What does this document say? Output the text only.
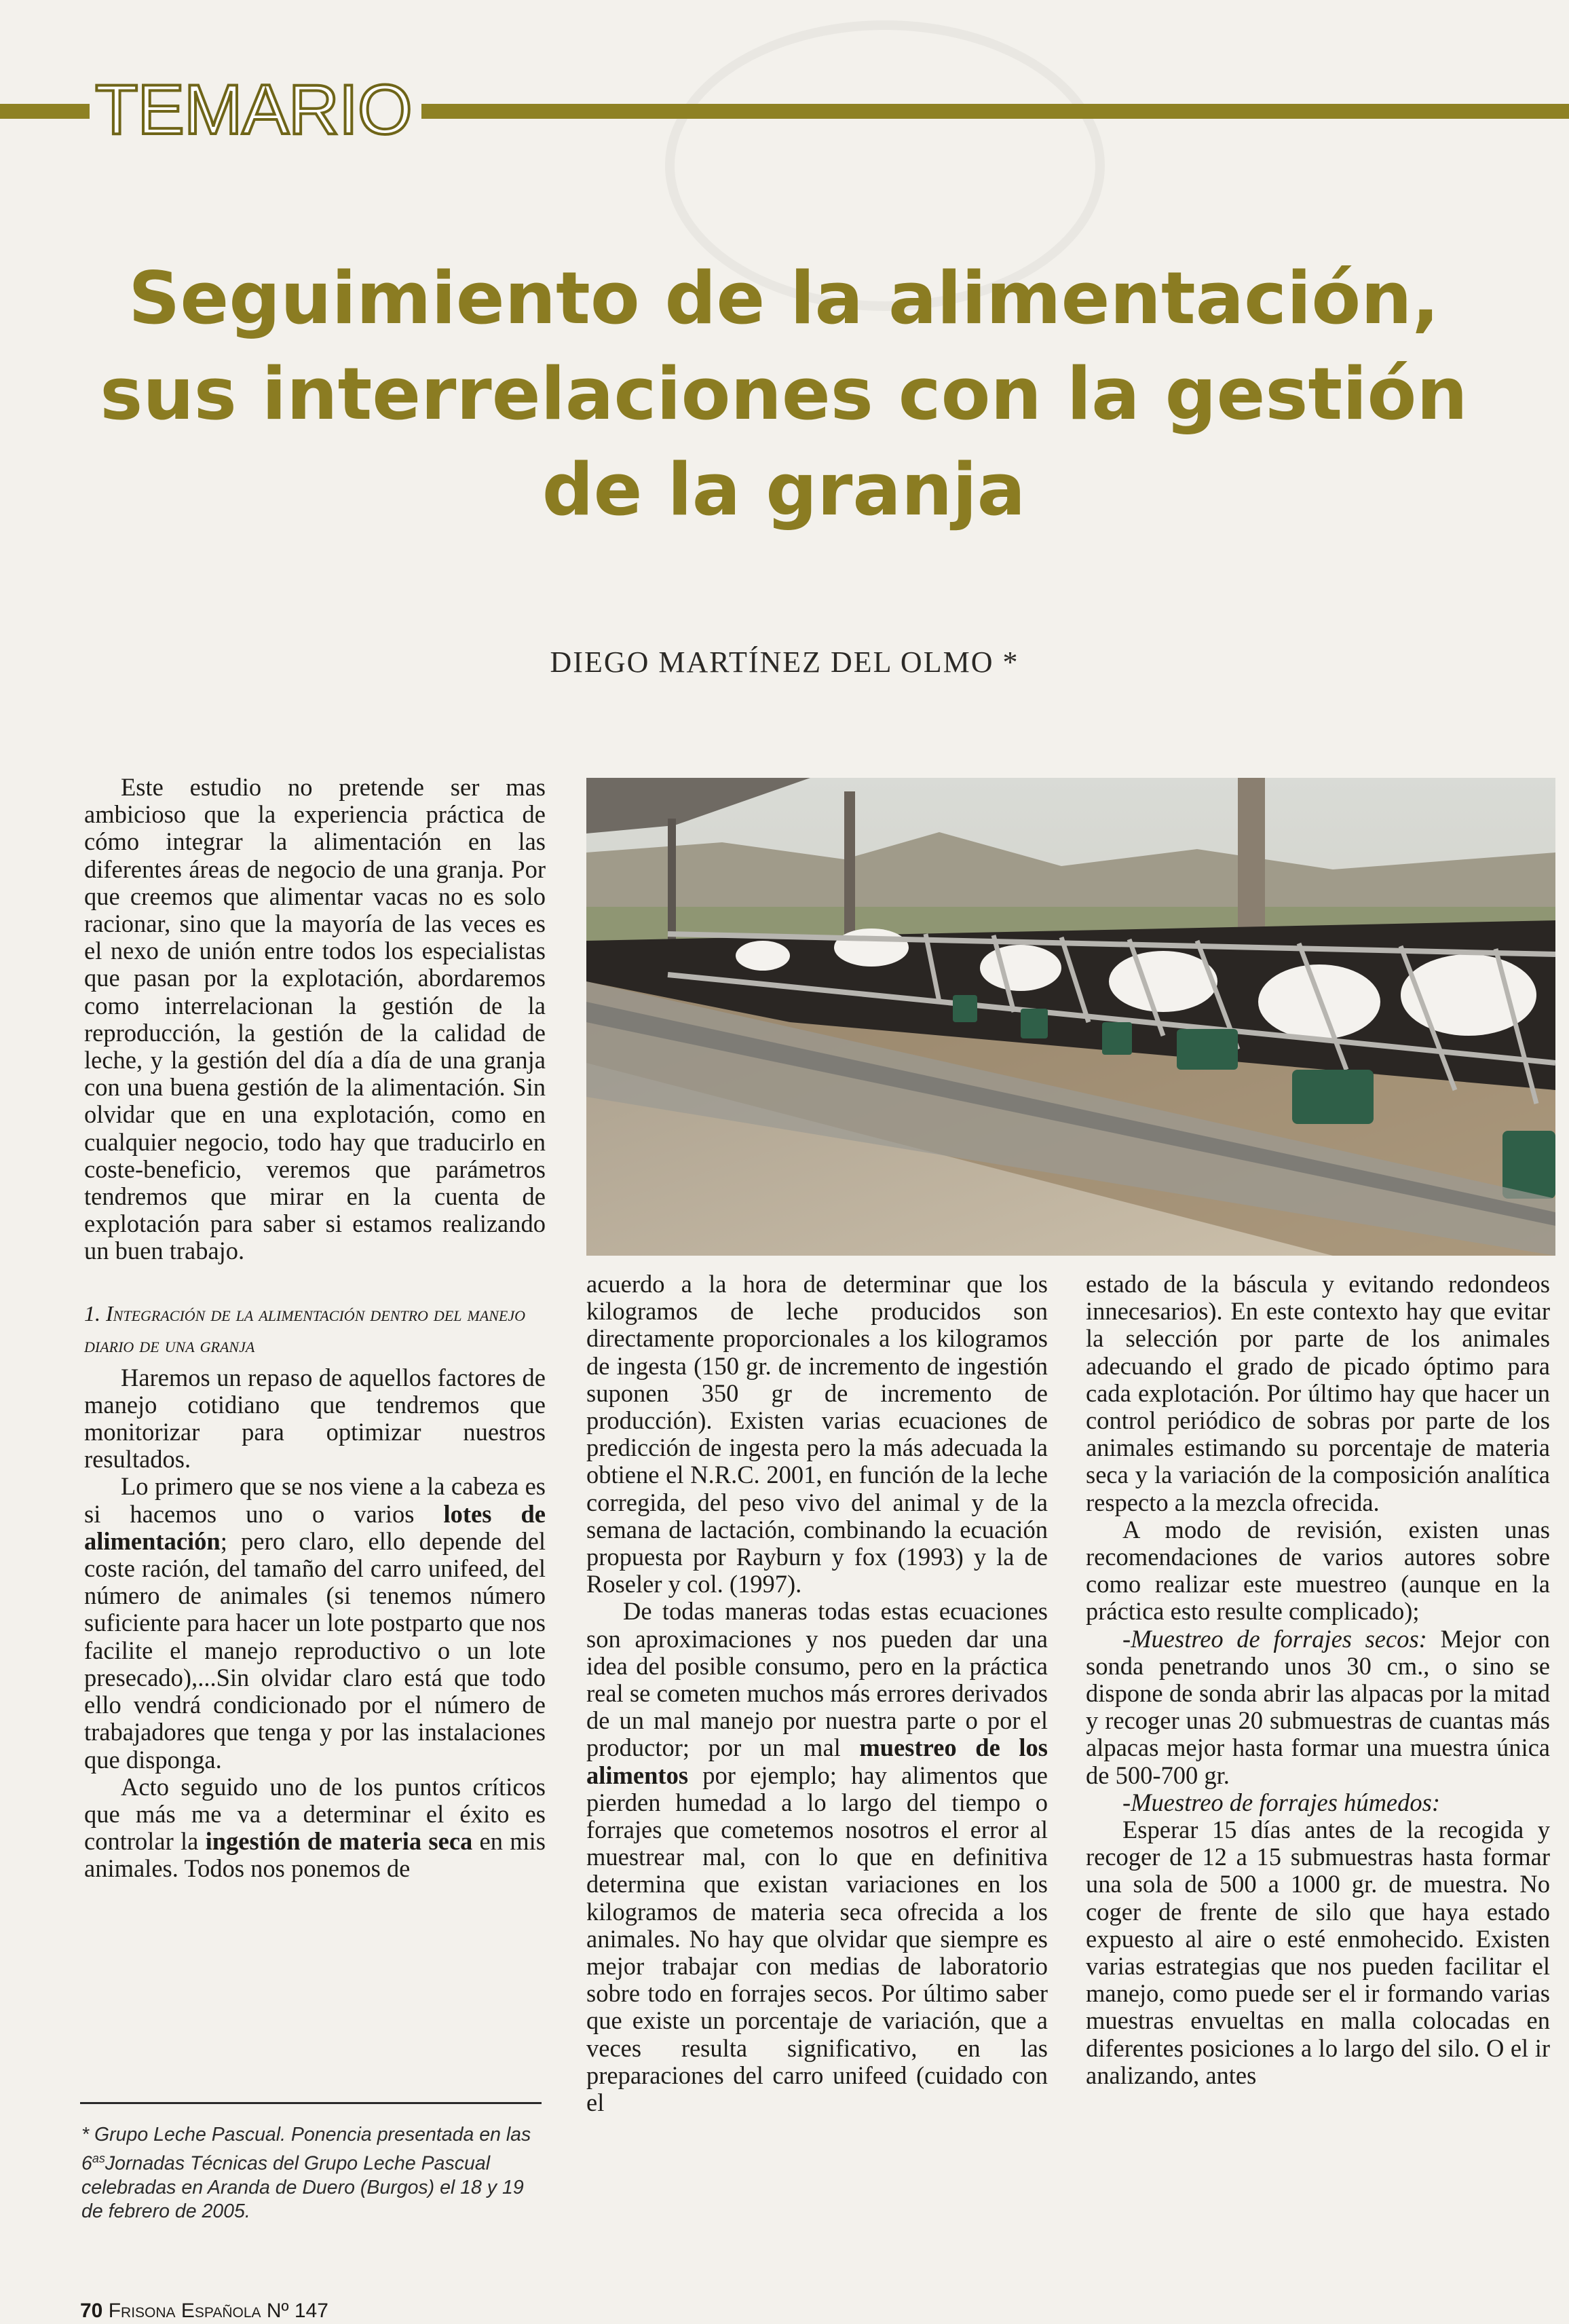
TEMARIO
Seguimiento de la alimentación,
sus interrelaciones con la gestión
de la granja
DIEGO MARTÍNEZ DEL OLMO *

Este estudio no pretende ser mas ambicioso que la experiencia práctica de cómo integrar la alimentación en las diferentes áreas de negocio de una granja. Por que creemos que alimentar vacas no es solo racionar, sino que la mayoría de las veces es el nexo de unión entre todos los especialistas que pasan por la explotación, abordaremos como interrelacionan la gestión de la reproducción, la gestión de la calidad de leche, y la gestión del día a día de una granja con una buena gestión de la alimentación. Sin olvidar que en una explotación, como en cualquier negocio, todo hay que traducirlo en coste-beneficio, veremos que parámetros tendremos que mirar en la cuenta de explotación para saber si estamos realizando un buen trabajo.

1. Integración de la alimentación dentro del manejo diario de una granja

Haremos un repaso de aquellos factores de manejo cotidiano que tendremos que monitorizar para optimizar nuestros resultados.

Lo primero que se nos viene a la cabeza es si hacemos uno o varios lotes de alimentación; pero claro, ello depende del coste ración, del tamaño del carro unifeed, del número de animales (si tenemos número suficiente para hacer un lote postparto que nos facilite el manejo reproductivo o un lote presecado),...Sin olvidar claro está que todo ello vendrá condicionado por el número de trabajadores que tenga y por las instalaciones que disponga.

Acto seguido uno de los puntos críticos que más me va a determinar el éxito es controlar la ingestión de materia seca en mis animales. Todos nos ponemos de

acuerdo a la hora de determinar que los kilogramos de leche producidos son directamente proporcionales a los kilogramos de ingesta (150 gr. de incremento de ingestión suponen 350 gr de incremento de producción). Existen varias ecuaciones de predicción de ingesta pero la más adecuada la obtiene el N.R.C. 2001, en función de la leche corregida, del peso vivo del animal y de la semana de lactación, combinando la ecuación propuesta por Rayburn y fox (1993) y la de Roseler y col. (1997).

De todas maneras todas estas ecuaciones son aproximaciones y nos pueden dar una idea del posible consumo, pero en la práctica real se cometen muchos más errores derivados de un mal manejo por nuestra parte o por el productor; por un mal muestreo de los alimentos por ejemplo; hay alimentos que pierden humedad a lo largo del tiempo o forrajes que cometemos nosotros el error al muestrear mal, con lo que en definitiva determina que existan variaciones en los kilogramos de materia seca ofrecida a los animales. No hay que olvidar que siempre es mejor trabajar con medias de laboratorio sobre todo en forrajes secos. Por último saber que existe un porcentaje de variación, que a veces resulta significativo, en las preparaciones del carro unifeed (cuidado con el

estado de la báscula y evitando redondeos innecesarios). En este contexto hay que evitar la selección por parte de los animales adecuando el grado de picado óptimo para cada explotación. Por último hay que hacer un control periódico de sobras por parte de los animales estimando su porcentaje de materia seca y la variación de la composición analítica respecto a la mezcla ofrecida.

A modo de revisión, existen unas recomendaciones de varios autores sobre como realizar este muestreo (aunque en la práctica esto resulte complicado);

-Muestreo de forrajes secos: Mejor con sonda penetrando unos 30 cm., o sino se dispone de sonda abrir las alpacas por la mitad y recoger unas 20 submuestras de cuantas más alpacas mejor hasta formar una muestra única de 500-700 gr.

-Muestreo de forrajes húmedos:

Esperar 15 días antes de la recogida y recoger de 12 a 15 submuestras hasta formar una sola de 500 a 1000 gr. de muestra. No coger de frente de silo que haya estado expuesto al aire o esté enmohecido. Existen varias estrategias que nos pueden facilitar el manejo, como puede ser el ir formando varias muestras envueltas en malla colocadas en diferentes posiciones a lo largo del silo. O el ir analizando, antes

* Grupo Leche Pascual. Ponencia presentada en las $6^{as}Jornadas$ Técnicas del Grupo Leche Pascual celebradas en Aranda de Duero (Burgos) el 18 y 19 de febrero de 2005.
70 Frisona Española Nº 147
